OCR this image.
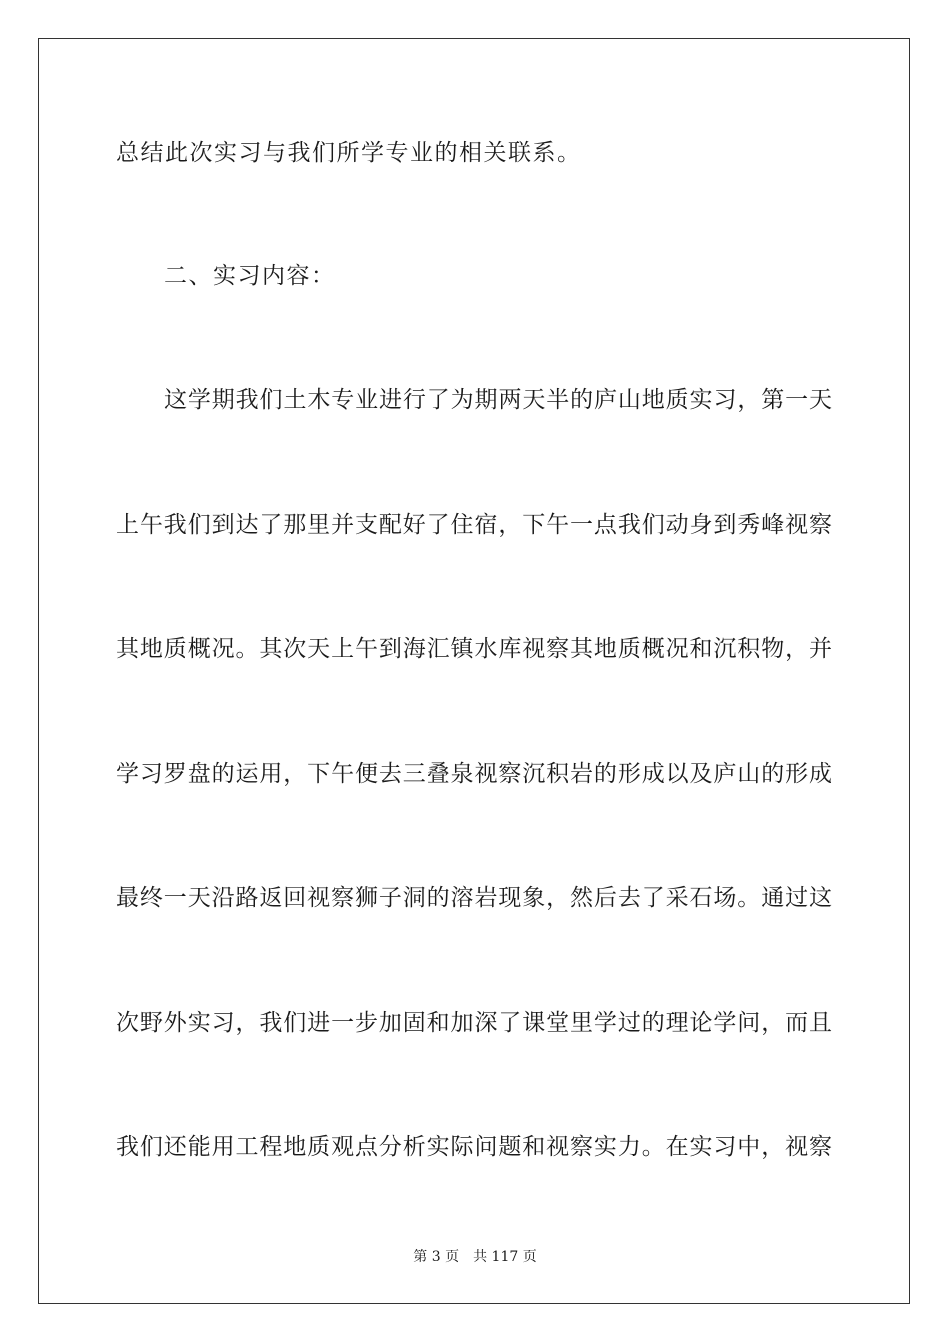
总结此次实习与我们所学专业的相关联系。
二、实习内容：
这学期我们土木专业进行了为期两天半的庐山地质实习，第一天
上午我们到达了那里并支配好了住宿，下午一点我们动身到秀峰视察
其地质概况。其次天上午到海汇镇水库视察其地质概况和沉积物，并
学习罗盘的运用，下午便去三叠泉视察沉积岩的形成以及庐山的形成
最终一天沿路返回视察狮子洞的溶岩现象，然后去了采石场。通过这
次野外实习，我们进一步加固和加深了课堂里学过的理论学问，而且
我们还能用工程地质观点分析实际问题和视察实力。在实习中，视察
第 3 页 共 117 页
